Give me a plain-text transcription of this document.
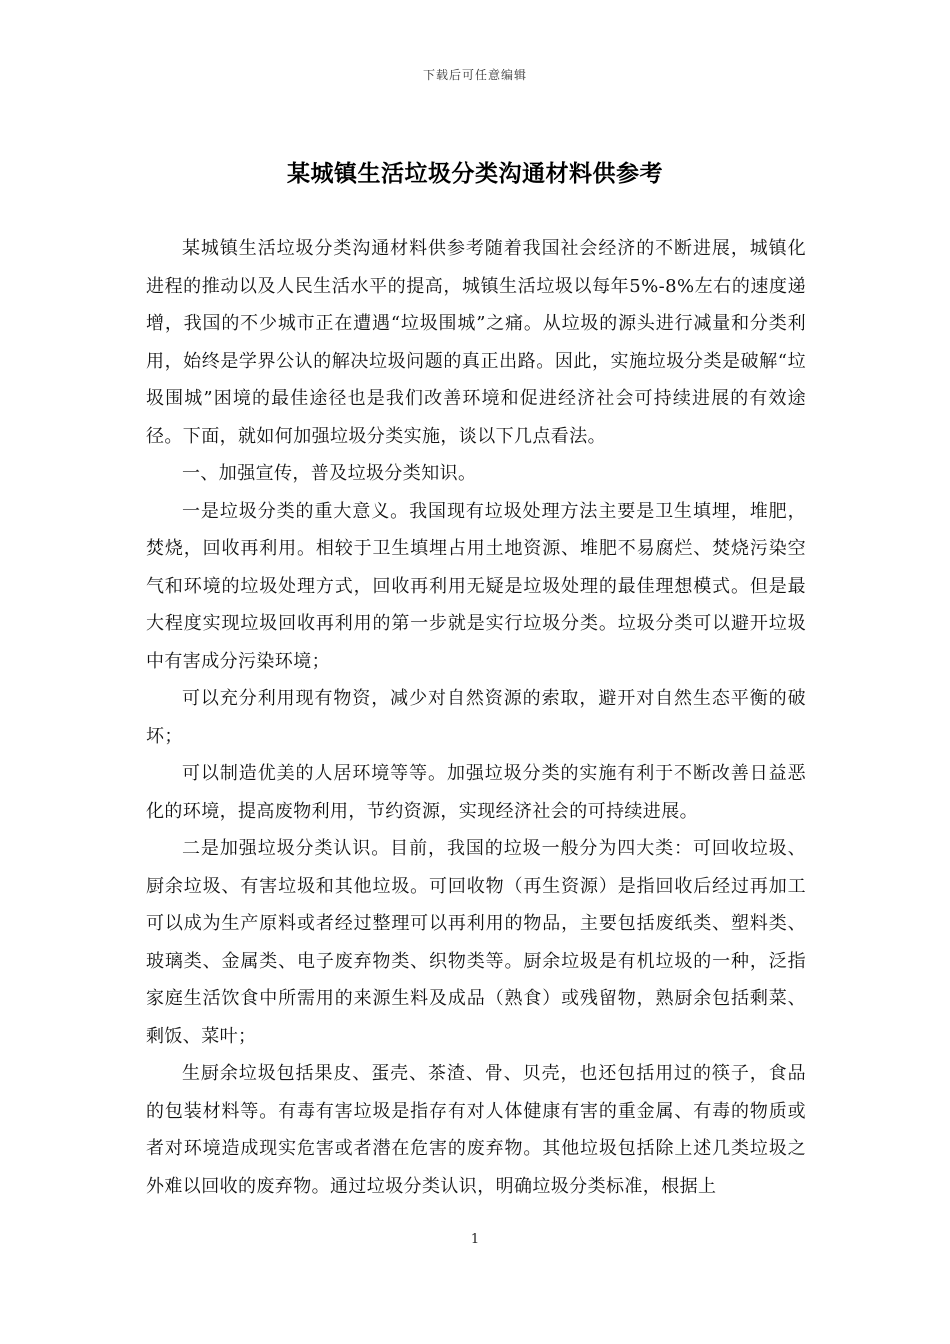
下载后可任意编辑
某城镇生活垃圾分类沟通材料供参考

某城镇生活垃圾分类沟通材料供参考随着我国社会经济的不断进展，城镇化进程的推动以及人民生活水平的提高，城镇生活垃圾以每年5%-8%左右的速度递增，我国的不少城市正在遭遇“垃圾围城”之痛。从垃圾的源头进行减量和分类利用，始终是学界公认的解决垃圾问题的真正出路。因此，实施垃圾分类是破解“垃圾围城”困境的最佳途径也是我们改善环境和促进经济社会可持续进展的有效途径。下面，就如何加强垃圾分类实施，谈以下几点看法。

一、加强宣传，普及垃圾分类知识。

一是垃圾分类的重大意义。我国现有垃圾处理方法主要是卫生填埋，堆肥，焚烧，回收再利用。相较于卫生填埋占用土地资源、堆肥不易腐烂、焚烧污染空气和环境的垃圾处理方式，回收再利用无疑是垃圾处理的最佳理想模式。但是最大程度实现垃圾回收再利用的第一步就是实行垃圾分类。垃圾分类可以避开垃圾中有害成分污染环境；

可以充分利用现有物资，减少对自然资源的索取，避开对自然生态平衡的破坏；

可以制造优美的人居环境等等。加强垃圾分类的实施有利于不断改善日益恶化的环境，提高废物利用，节约资源，实现经济社会的可持续进展。

二是加强垃圾分类认识。目前，我国的垃圾一般分为四大类：可回收垃圾、厨余垃圾、有害垃圾和其他垃圾。可回收物（再生资源）是指回收后经过再加工可以成为生产原料或者经过整理可以再利用的物品，主要包括废纸类、塑料类、玻璃类、金属类、电子废弃物类、织物类等。厨余垃圾是有机垃圾的一种，泛指家庭生活饮食中所需用的来源生料及成品（熟食）或残留物，熟厨余包括剩菜、剩饭、菜叶；

生厨余垃圾包括果皮、蛋壳、茶渣、骨、贝壳，也还包括用过的筷子，食品的包装材料等。有毒有害垃圾是指存有对人体健康有害的重金属、有毒的物质或者对环境造成现实危害或者潜在危害的废弃物。其他垃圾包括除上述几类垃圾之外难以回收的废弃物。通过垃圾分类认识，明确垃圾分类标准，根据上

1
